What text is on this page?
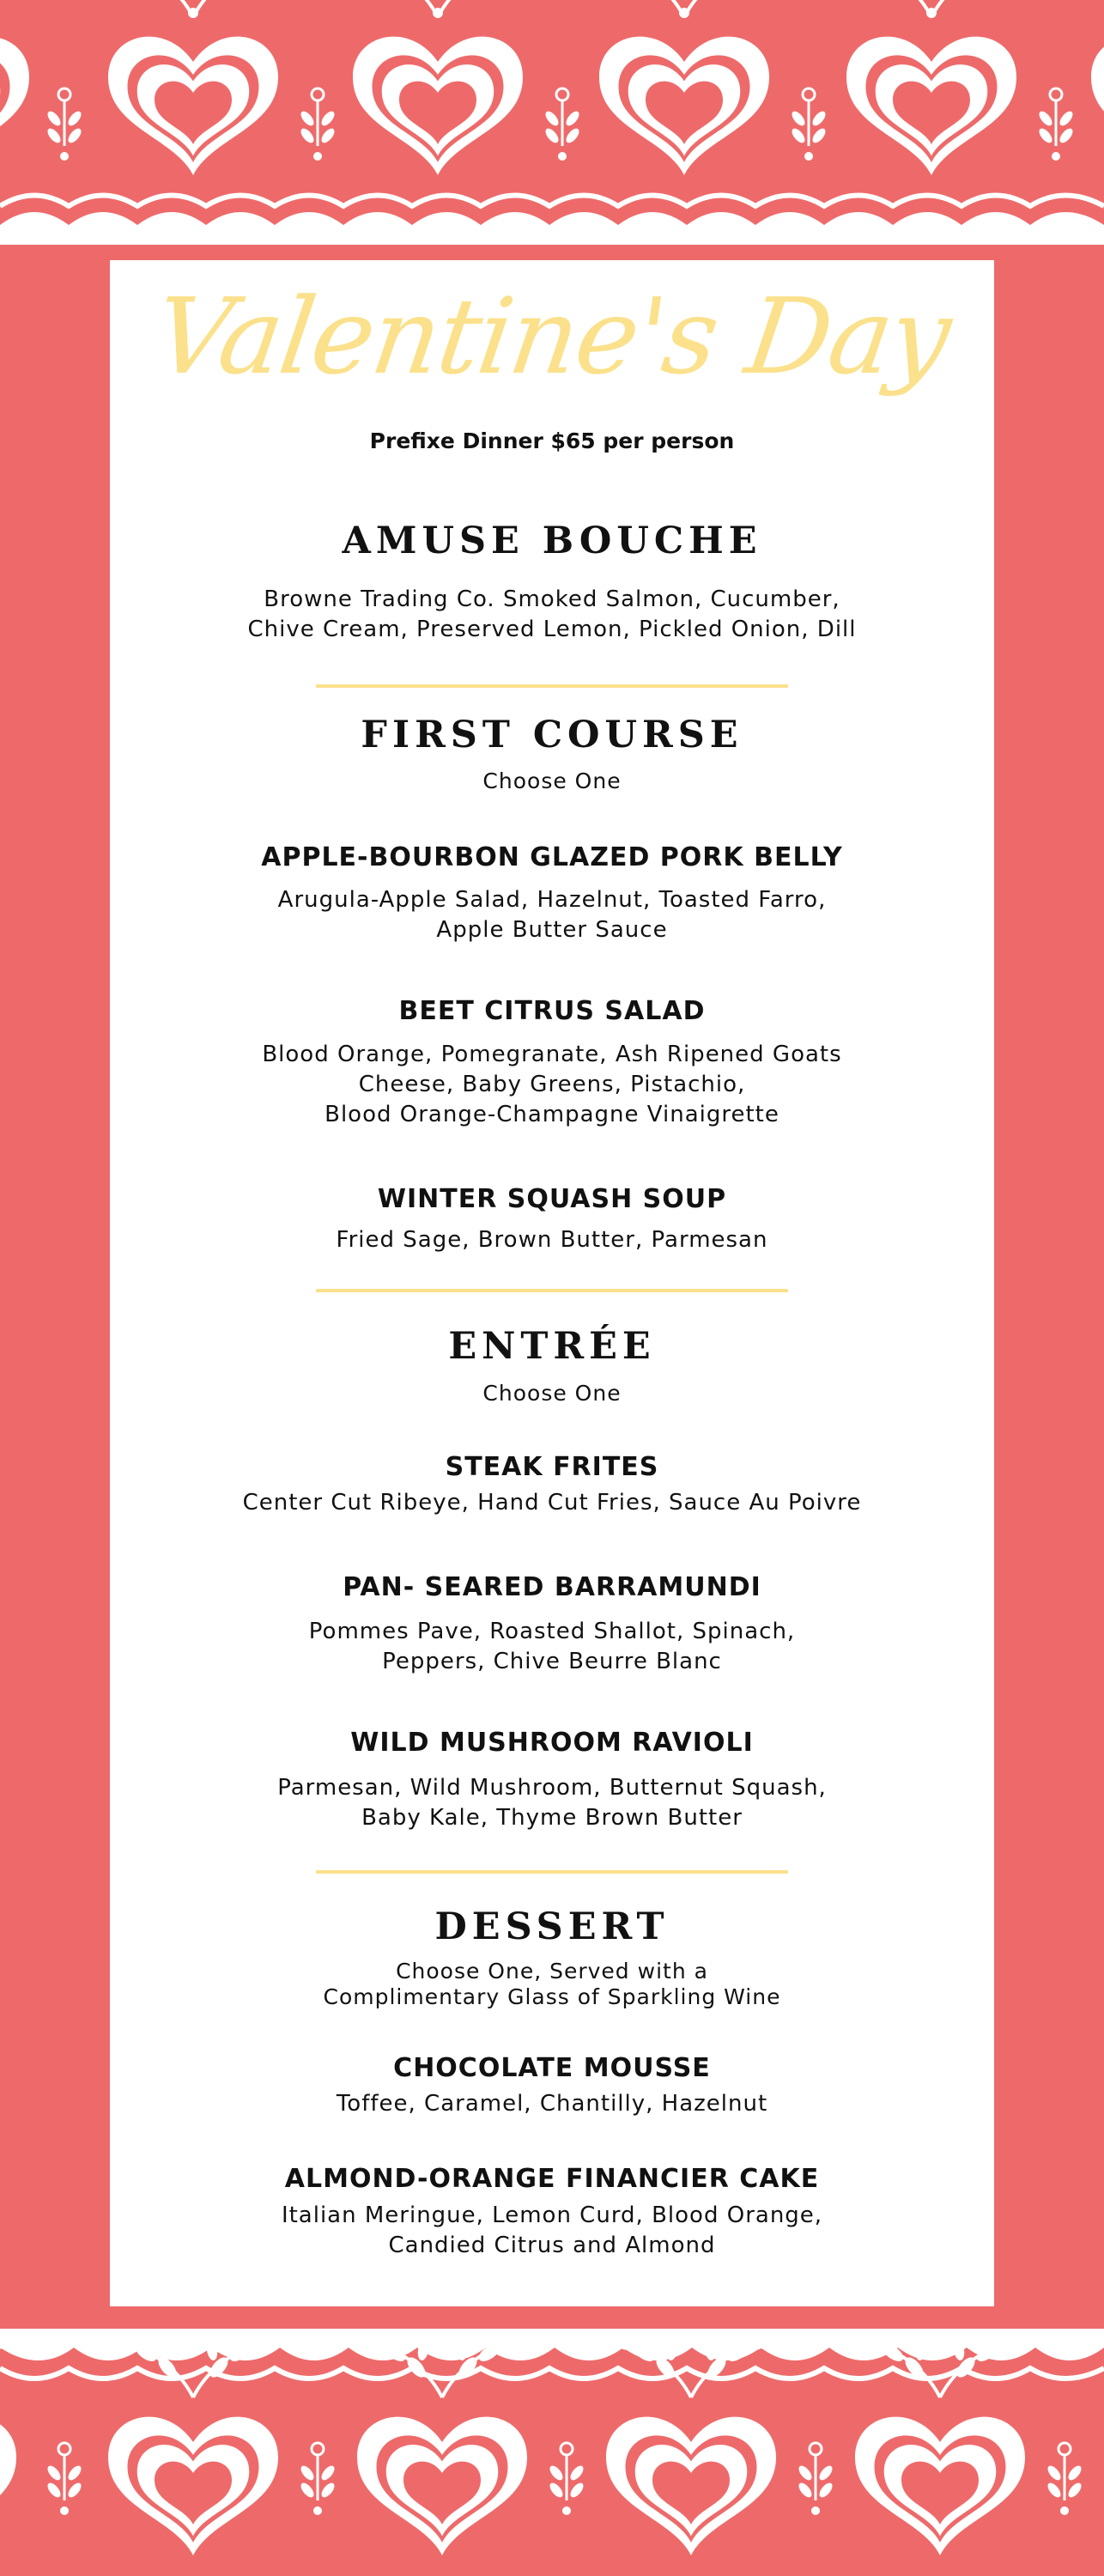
Valentine's Day
Prefixe Dinner $65 per person
AMUSE BOUCHE
Browne Trading Co. Smoked Salmon, Cucumber,
Chive Cream, Preserved Lemon, Pickled Onion, Dill
FIRST COURSE
Choose One
APPLE-BOURBON GLAZED PORK BELLY
Arugula-Apple Salad, Hazelnut, Toasted Farro,
Apple Butter Sauce
BEET CITRUS SALAD
Blood Orange, Pomegranate, Ash Ripened Goats
Cheese, Baby Greens, Pistachio,
Blood Orange-Champagne Vinaigrette
WINTER SQUASH SOUP
Fried Sage, Brown Butter, Parmesan
ENTRÉE
Choose One
STEAK FRITES
Center Cut Ribeye, Hand Cut Fries, Sauce Au Poivre
PAN- SEARED BARRAMUNDI
Pommes Pave, Roasted Shallot, Spinach,
Peppers, Chive Beurre Blanc
WILD MUSHROOM RAVIOLI
Parmesan, Wild Mushroom, Butternut Squash,
Baby Kale, Thyme Brown Butter
DESSERT
Choose One, Served with a
Complimentary Glass of Sparkling Wine
CHOCOLATE MOUSSE
Toffee, Caramel, Chantilly, Hazelnut
ALMOND-ORANGE FINANCIER CAKE
Italian Meringue, Lemon Curd, Blood Orange,
Candied Citrus and Almond
